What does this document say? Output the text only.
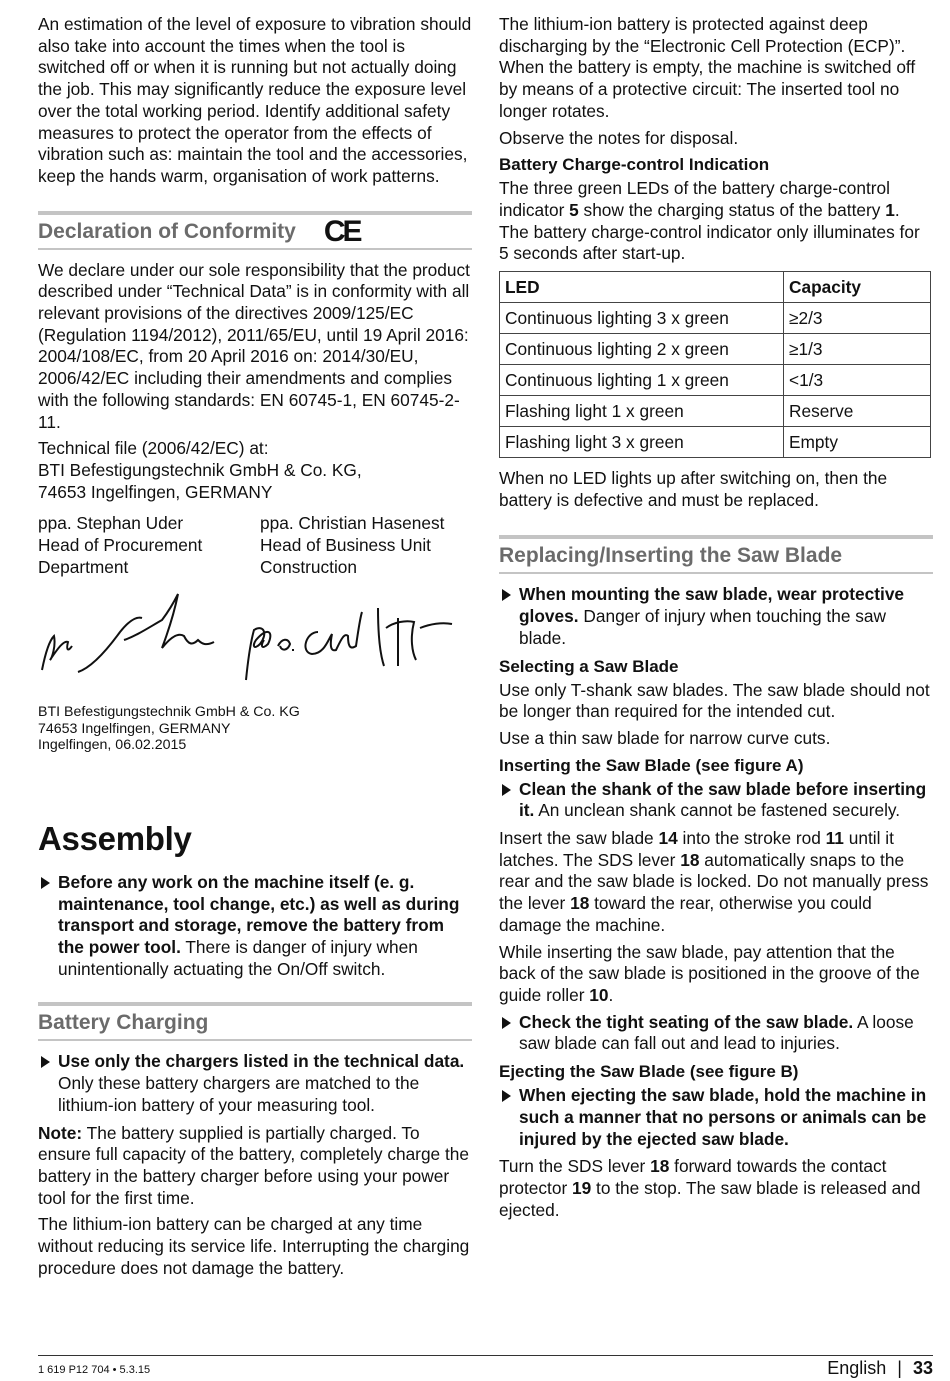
An estimation of the level of exposure to vibration should also take into account the times when the tool is switched off or when it is running but not actually doing the job. This may significantly reduce the exposure level over the total working period. Identify additional safety measures to protect the operator from the effects of vibration such as: maintain the tool and the accessories, keep the hands warm, organisation of work patterns.

Declaration of Conformity CE

We declare under our sole responsibility that the product described under “Technical Data” is in conformity with all relevant provisions of the directives 2009/125/EC (Regulation 1194/2012), 2011/65/EU, until 19 April 2016: 2004/108/EC, from 20 April 2016 on: 2014/30/EU, 2006/42/EC including their amendments and complies with the following standards: EN 60745-1, EN 60745-2-11.

Technical file (2006/42/EC) at:
BTI Befestigungstechnik GmbH & Co. KG,
74653 Ingelfingen, GERMANY
ppa. Stephan Uder
Head of Procurement
Department
ppa. Christian Hasenest
Head of Business Unit
Construction
BTI Befestigungstechnik GmbH & Co. KG
74653 Ingelfingen, GERMANY
Ingelfingen, 06.02.2015
Assembly
Before any work on the machine itself (e. g. maintenance, tool change, etc.) as well as during transport and storage, remove the battery from the power tool. There is danger of injury when unintentionally actuating the On/Off switch.
Battery Charging
Use only the chargers listed in the technical data. Only these battery chargers are matched to the lithium-ion battery of your measuring tool.

Note: The battery supplied is partially charged. To ensure full capacity of the battery, completely charge the battery in the battery charger before using your power tool for the first time.

The lithium-ion battery can be charged at any time without reducing its service life. Interrupting the charging procedure does not damage the battery.

The lithium-ion battery is protected against deep discharging by the “Electronic Cell Protection (ECP)”. When the battery is empty, the machine is switched off by means of a protective circuit: The inserted tool no longer rotates.

Observe the notes for disposal.

Battery Charge-control Indication

The three green LEDs of the battery charge-control indicator 5 show the charging status of the battery 1. The battery charge-control indicator only illuminates for 5 seconds after start-up.

LED	Capacity
Continuous lighting 3 x green	≥2/3
Continuous lighting 2 x green	≥1/3
Continuous lighting 1 x green	<1/3
Flashing light 1 x green	Reserve
Flashing light 3 x green	Empty

When no LED lights up after switching on, then the battery is defective and must be replaced.

Replacing/Inserting the Saw Blade
When mounting the saw blade, wear protective gloves. Danger of injury when touching the saw blade.
Selecting a Saw Blade

Use only T-shank saw blades. The saw blade should not be longer than required for the intended cut.

Use a thin saw blade for narrow curve cuts.

Inserting the Saw Blade (see figure A)
Clean the shank of the saw blade before inserting it. An unclean shank cannot be fastened securely.

Insert the saw blade 14 into the stroke rod 11 until it latches. The SDS lever 18 automatically snaps to the rear and the saw blade is locked. Do not manually press the lever 18 toward the rear, otherwise you could damage the machine.

While inserting the saw blade, pay attention that the back of the saw blade is positioned in the groove of the guide roller 10.

Check the tight seating of the saw blade. A loose saw blade can fall out and lead to injuries.
Ejecting the Saw Blade (see figure B)
When ejecting the saw blade, hold the machine in such a manner that no persons or animals can be injured by the ejected saw blade.

Turn the SDS lever 18 forward towards the contact protector 19 to the stop. The saw blade is released and ejected.

1 619 P12 704 • 5.3.15	English | 33
